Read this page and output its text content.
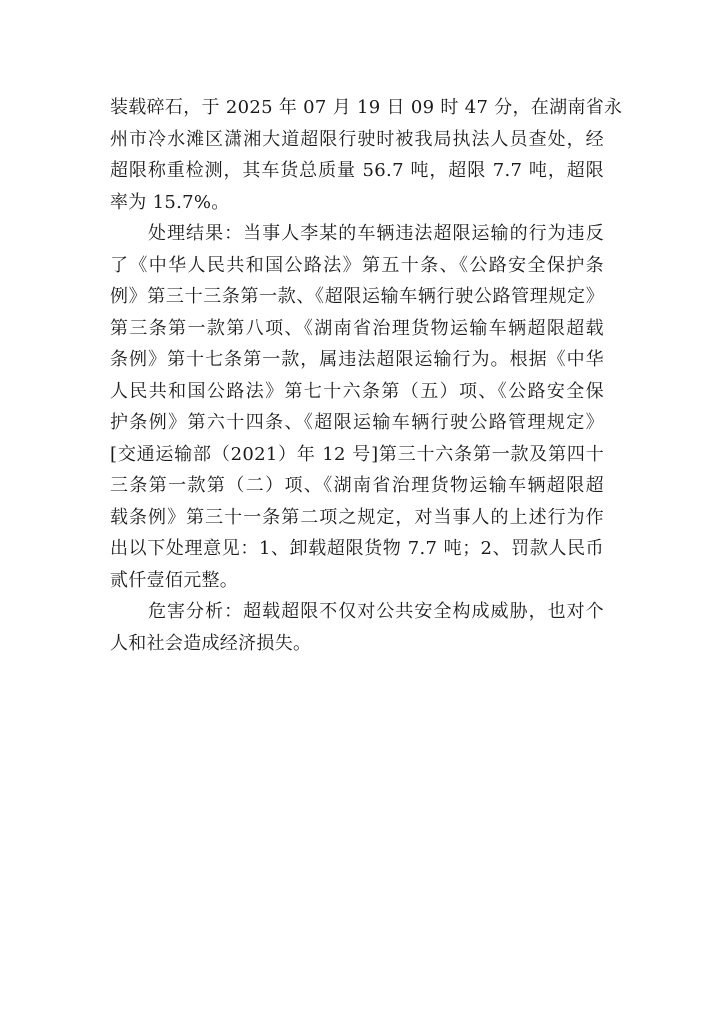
装载碎石，于 2025 年 07 月 19 日 09 时 47 分，在湖南省永
州市冷水滩区潇湘大道超限行驶时被我局执法人员查处，经
超限称重检测，其车货总质量 56.7 吨，超限 7.7 吨，超限
率为 15.7%。
处理结果：当事人李某的车辆违法超限运输的行为违反
了《中华人民共和国公路法》第五十条、《公路安全保护条
例》第三十三条第一款、《超限运输车辆行驶公路管理规定》
第三条第一款第八项、《湖南省治理货物运输车辆超限超载
条例》第十七条第一款，属违法超限运输行为。根据《中华
人民共和国公路法》第七十六条第（五）项、《公路安全保
护条例》第六十四条、《超限运输车辆行驶公路管理规定》
[交通运输部（2021）年 12 号]第三十六条第一款及第四十
三条第一款第（二）项、《湖南省治理货物运输车辆超限超
载条例》第三十一条第二项之规定，对当事人的上述行为作
出以下处理意见：1、卸载超限货物 7.7 吨；2、罚款人民币
贰仟壹佰元整。
危害分析：超载超限不仅对公共安全构成威胁，也对个
人和社会造成经济损失。
